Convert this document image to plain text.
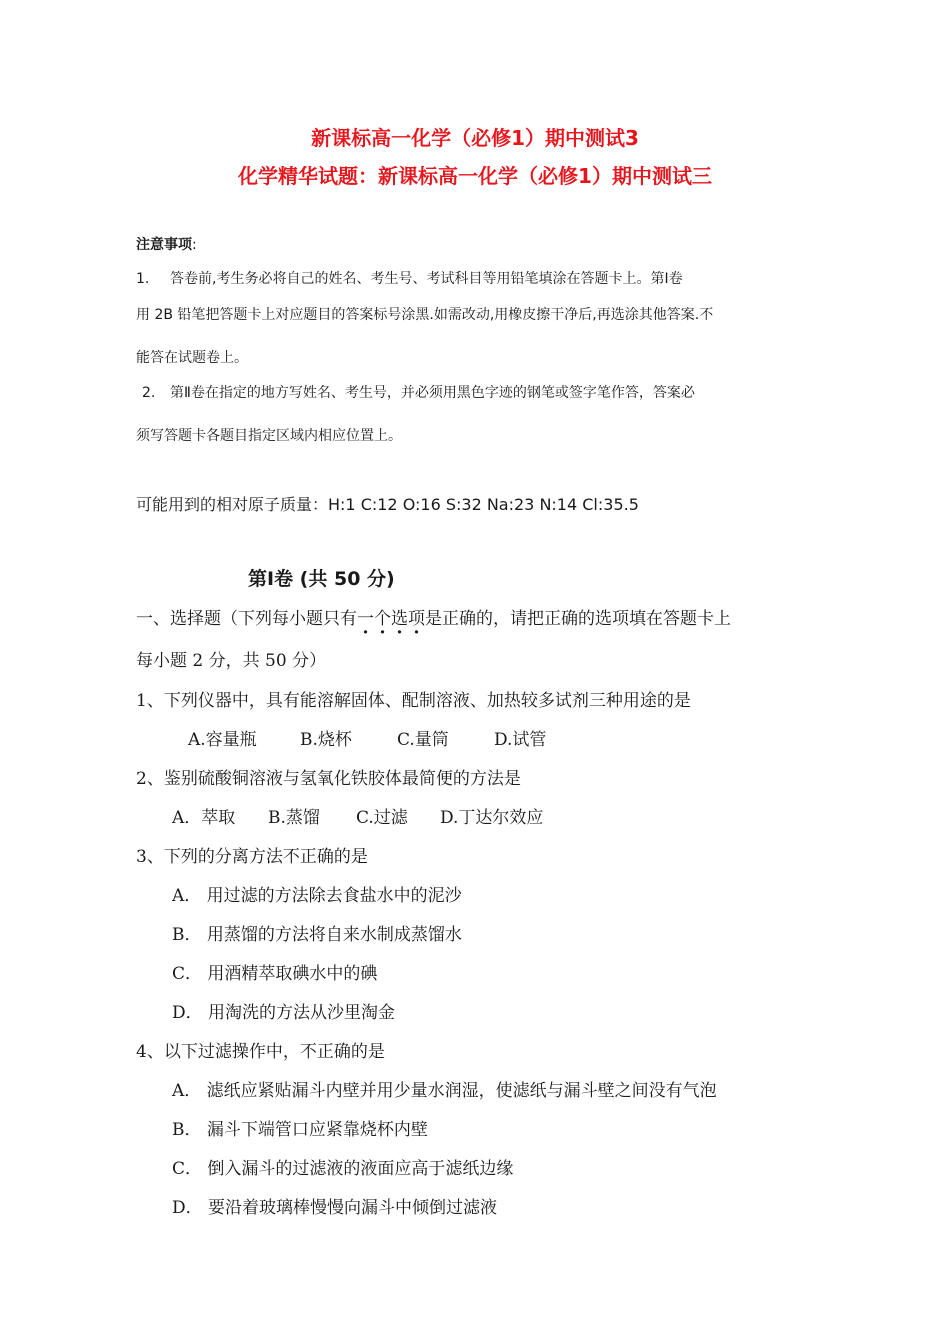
新课标高一化学（必修1）期中测试3
化学精华试题：新课标高一化学（必修1）期中测试三
注意事项:
1. 答卷前,考生务必将自己的姓名、考生号、考试科目等用铅笔填涂在答题卡上。第Ⅰ卷
用 2B 铅笔把答题卡上对应题目的答案标号涂黑.如需改动,用橡皮擦干净后,再选涂其他答案.不
能答在试题卷上。
2. 第Ⅱ卷在指定的地方写姓名、考生号，并必须用黑色字迹的钢笔或签字笔作答，答案必
须写答题卡各题目指定区域内相应位置上。
可能用到的相对原子质量：H:1 C:12 O:16 S:32 Na:23 N:14 Cl:35.5
第Ⅰ卷 (共 50 分)
一、选择题（下列每小题只有一个选项是正确的，请把正确的选项填在答题卡上
每小题 2 分，共 50 分）
1、下列仪器中，具有能溶解固体、配制溶液、加热较多试剂三种用途的是
A.容量瓶	B.烧杯	C.量筒	D.试管
2、鉴别硫酸铜溶液与氢氧化铁胶体最简便的方法是
A．萃取 B.蒸馏 C.过滤 D.丁达尔效应
3、下列的分离方法不正确的是
A． 用过滤的方法除去食盐水中的泥沙
B． 用蒸馏的方法将自来水制成蒸馏水
C． 用酒精萃取碘水中的碘
D． 用淘洗的方法从沙里淘金
4、以下过滤操作中，不正确的是
A． 滤纸应紧贴漏斗内壁并用少量水润湿，使滤纸与漏斗壁之间没有气泡
B． 漏斗下端管口应紧靠烧杯内壁
C． 倒入漏斗的过滤液的液面应高于滤纸边缘
D． 要沿着玻璃棒慢慢向漏斗中倾倒过滤液
